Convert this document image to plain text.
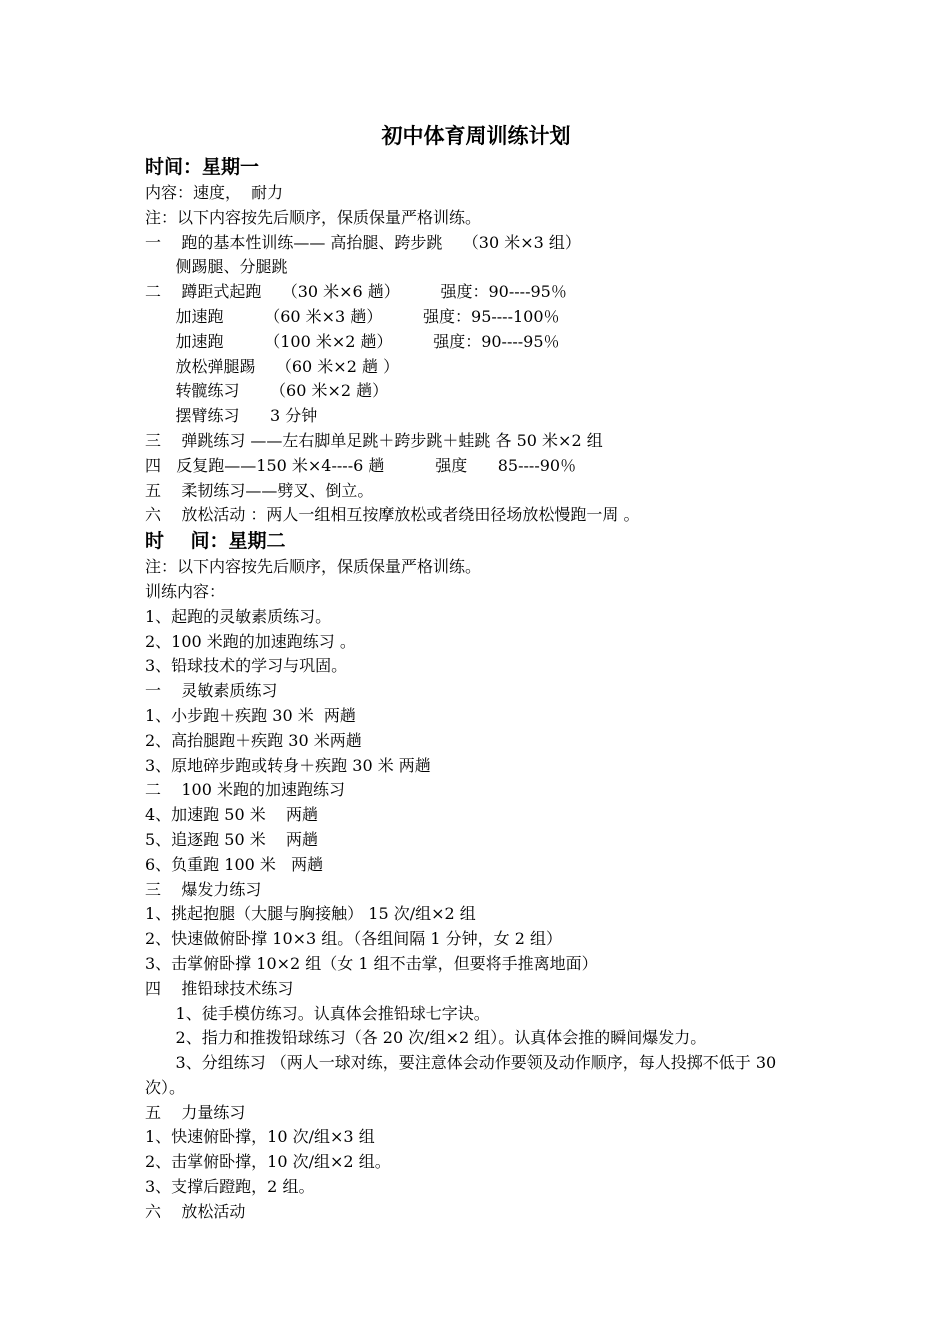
初中体育周训练计划
时间：星期一
内容：速度，  耐力
注：以下内容按先后顺序，保质保量严格训练。
一    跑的基本性训练—— 高抬腿、跨步跳    （30 米×3 组）
侧踢腿、分腿跳
二    蹲距式起跑    （30 米×6 趟）        强度：90----95％
加速跑        （60 米×3 趟）        强度：95----100％
加速跑        （100 米×2 趟）        强度：90----95％
放松弹腿踢    （60 米×2 趟 ）
转髋练习      （60 米×2 趟）
摆臂练习      3 分钟
三    弹跳练习 ——左右脚单足跳＋跨步跳＋蛙跳 各 50 米×2 组
四   反复跑——150 米×4----6 趟          强度      85----90％
五    柔韧练习——劈叉、倒立。
六    放松活动 ：两人一组相互按摩放松或者绕田径场放松慢跑一周 。
时    间：星期二
注：以下内容按先后顺序，保质保量严格训练。
训练内容：
1、起跑的灵敏素质练习。
2、100 米跑的加速跑练习 。
3、铅球技术的学习与巩固。
一    灵敏素质练习
1、小步跑＋疾跑 30 米  两趟
2、高抬腿跑＋疾跑 30 米两趟
3、原地碎步跑或转身＋疾跑 30 米 两趟
二    100 米跑的加速跑练习
4、加速跑 50 米    两趟
5、追逐跑 50 米    两趟
6、负重跑 100 米   两趟
三    爆发力练习
1、挑起抱腿（大腿与胸接触） 15 次/组×2 组
2、快速做俯卧撑 10×3 组。（各组间隔 1 分钟，女 2 组）
3、击掌俯卧撑 10×2 组（女 1 组不击掌，但要将手推离地面）
四    推铅球技术练习
1、徒手模仿练习。认真体会推铅球七字诀。
2、指力和推拨铅球练习（各 20 次/组×2 组）。认真体会推的瞬间爆发力。
3、分组练习 （两人一球对练，要注意体会动作要领及动作顺序，每人投掷不低于 30 次）。
五    力量练习
1、快速俯卧撑，10 次/组×3 组
2、击掌俯卧撑，10 次/组×2 组。
3、支撑后蹬跑，2 组。
六    放松活动
